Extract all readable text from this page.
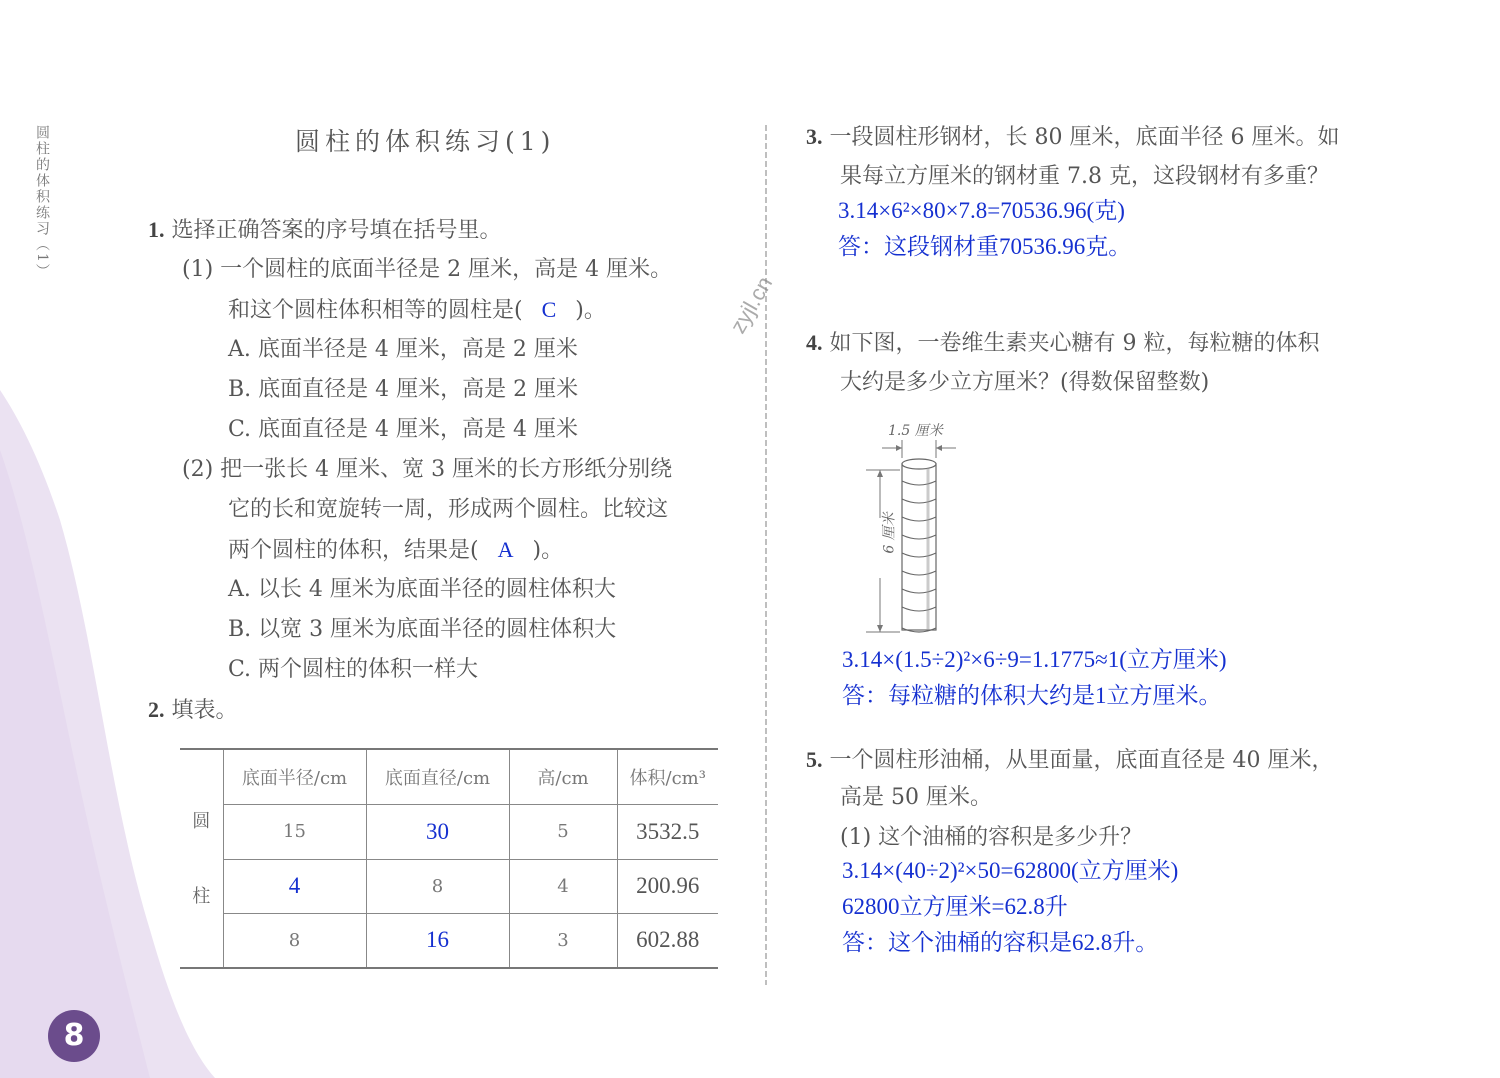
圆柱的体积练习（1）
8
zyjl.cn
圆柱的体积练习(1)
1. 选择正确答案的序号填在括号里。
(1) 一个圆柱的底面半径是 2 厘米，高是 4 厘米。
和这个圆柱体积相等的圆柱是( C )。
A. 底面半径是 4 厘米，高是 2 厘米
B. 底面直径是 4 厘米，高是 2 厘米
C. 底面直径是 4 厘米，高是 4 厘米
(2) 把一张长 4 厘米、宽 3 厘米的长方形纸分别绕
它的长和宽旋转一周，形成两个圆柱。比较这
两个圆柱的体积，结果是( A )。
A. 以长 4 厘米为底面半径的圆柱体积大
B. 以宽 3 厘米为底面半径的圆柱体积大
C. 两个圆柱的体积一样大
2. 填表。
圆
柱	底面半径/cm	底面直径/cm	高/cm	体积/cm³
	15	30	5	3532.5
	4	8	4	200.96
	8	16	3	602.88
3. 一段圆柱形钢材，长 80 厘米，底面半径 6 厘米。如
果每立方厘米的钢材重 7.8 克，这段钢材有多重？
3.14×6²×80×7.8=70536.96(克)
答：这段钢材重70536.96克。
4. 如下图，一卷维生素夹心糖有 9 粒，每粒糖的体积
大约是多少立方厘米？(得数保留整数)
1.5 厘米
6 厘米
3.14×(1.5÷2)²×6÷9=1.1775≈1(立方厘米)
答：每粒糖的体积大约是1立方厘米。
5. 一个圆柱形油桶，从里面量，底面直径是 40 厘米，
高是 50 厘米。
(1) 这个油桶的容积是多少升？
3.14×(40÷2)²×50=62800(立方厘米)
62800立方厘米=62.8升
答：这个油桶的容积是62.8升。
